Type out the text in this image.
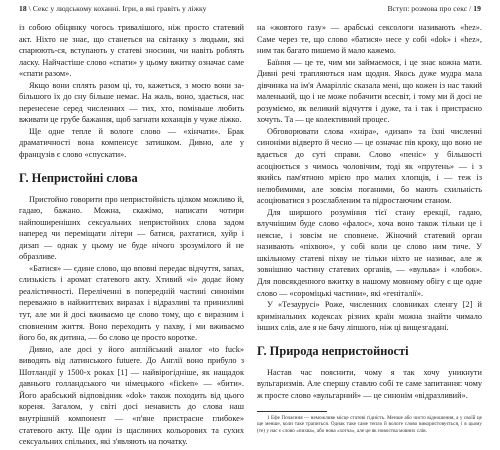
18 \ Секс у людському коханні. Ігри, в які гравіть у ліжку	Вступ: розмова про секс / 19

із собою обіцянку чогось тривалішого, ніж просто статевий акт. Ніхто не знає, що станеться на світанку з людьми, які спарюють-ся, вступають у статеві зносини, чи навіть роблять ласку. Найчастіше слово «спати» у цьому вжитку означає саме «спати разом».

Якщо вони сплять разом ці, то, кажеться, з моєю вони за-більшого їх до сну більше немає. На жаль, воно, здається, нас перенесене серед численних — тих, хто, поміньше любить вживати це грубе бажання, щоб загнати коханців у чуже ліжко.

Ще одне тепле й вологе слово — «хінчати». Брак драматичності вона компенсує затишком. Дивно, але у французів є слово «спускати».

Г. Непристойні слова

Пристойно говорити про непристойність цілком можливо й, гадаю, бажано. Можна, скажімо, написати чотири найпоширеніших сексуальних непристойних слова задом наперед чи переміщати літери — батися, рахтатися, хуйр і дизап — однак у цьому не буде нічого зрозумілого й не образливе.

«Батися» — єдине слово, що вповні передає відчуття, запах, слизькість і аромат статевого акту. Хтивий «і» додає йому реалістичності. Переліченні в попередній частині синоніми переважно в найжиттєвих виразах і відразливі та принизливі тут, але ми й досі вживаємо це слово тому, що є виразним і сповненим життя. Воно переходить у пахву, і ми вживаємо його бо, як дитина, — бо слово це просто коротке.

Дивно, але досі у його англійський аналог «to fuck» виводять від латинського futuere. До Англії воно прибуло з Шотландії у 1500-х роках [1] — найвірогідніше, як нащадок давнього голландського чи німецького «ficken» — «бити». Його арабський відповідник «dok» також походить від цього кореня. Загалом, у світі досі ненависть до слова наш внутрішній компонент — «п'яне пристрасне глибоке» статевого акту. Ще один із щаслиних кольорових та сухих сексуальних спільних, які з'являють на початку.

на «жовтого газу» — арабські сексологи називають «hez». Саме через те, що слово «батися» несе у собі «dok» і «hez», ним так багато пишемо й мало кажемо.

Баїння — це те, чим ми займаємося, і це знає кожна мати. Дивні речі трапляються нам щодня. Якось дуже мудра мала дівчинка на ім'я Амарілліс сказала мені, що кожен із нас такий маленький, що і не може побачити всесвіт, і тому ми й досі не розуміємо, як великий відчуття і дуже, та і так і пристрасно хочуть. Та — це колективний процес.

Обговорювати слова «хніра», «дизап» та їхні численні синоніми відверто й чесно — це означає пів кроку, що воно не вдається до суті справи. Слово «пеніс» у більшості асоціюється з чимось чоловічим, тоді як «прутень» — і з якийсь пам'ятною мрією про малих хлопців, і — теж із нелюбимими, але зовсім поганими, бо мають схильність асоціюватися з розслабленим та підростаючим станом.

Для ширшого розуміння тієї стану ерекції, гадаю, влучнішим буде слово «фалос», хоча воно також тільки це і неясне, і зовсім не сповнене. Жіночий статевий орган називають «піхвою», у собі коли це слово ним тиче. У шкільному статеві піхву не тільки ніхто не називає, але ж зовнішню частину статевих органів, — «вульва» і «лобок». Для повсякденного вжитку в нашому мовному обігу є ще одне слово — «сороміцькі частини», які «геніталії».

У «Тезаурусі» Роже, численних словниках сленгу [2] й кримінальних кодексах різних країн можна знайти чимало інших слів, але я не бачу ліпшого, ніж ці вищезгадані.

Г. Природа непристойності

Настав час пояснити, чому я так хочу уникнути вульгаризмів. Але спершу ставлю собі те саме запитання: чому ж просте слово «вульгарний» — це синонім «відразливий».

1 Ефе Почаєння — неможливе місце статеві гідність. Менше або чисто відношення, а у своїй це ще менше, коли таке трапиться. Однак таке саме тепло й вологе слово використовується, і в цьому (те) у нас є слово «пихва», або нова «хотча», але це як новоства мовних слів.
